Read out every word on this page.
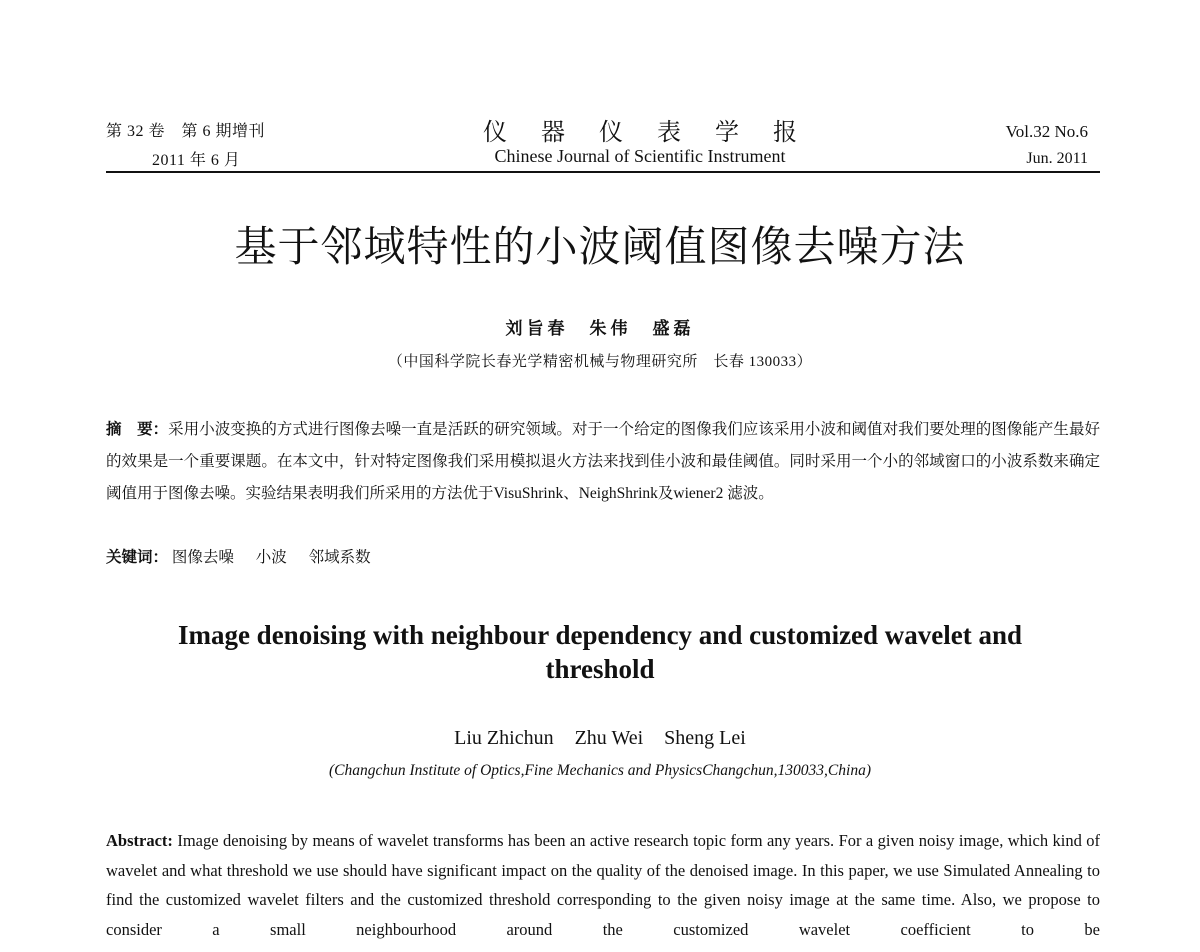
第 32 卷　第 6 期增刊
2011 年 6 月
仪器仪表学报
Chinese Journal of Scientific Instrument
Vol.32 No.6
Jun. 2011
基于邻域特性的小波阈值图像去噪方法
刘旨春　朱伟　盛磊
（中国科学院长春光学精密机械与物理研究所　长春 130033）
摘　要：采用小波变换的方式进行图像去噪一直是活跃的研究领域。对于一个给定的图像我们应该采用小波和阈值对我们要处理的图像能产生最好的效果是一个重要课题。在本文中，针对特定图像我们采用模拟退火方法来找到佳小波和最佳阈值。同时采用一个小的邻域窗口的小波系数来确定阈值用于图像去噪。实验结果表明我们所采用的方法优于VisuShrink、NeighShrink及wiener2 滤波。
关键词： 图像去噪 小波 邻域系数
Image denoising with neighbour dependency and customized wavelet and threshold
Liu Zhichun Zhu Wei Sheng Lei
(Changchun Institute of Optics,Fine Mechanics and PhysicsChangchun,130033,China)
Abstract: Image denoising by means of wavelet transforms has been an active research topic form any years. For a given noisy image, which kind of wavelet and what threshold we use should have significant impact on the quality of the denoised image. In this paper, we use Simulated Annealing to find the customized wavelet filters and the customized threshold corresponding to the given noisy image at the same time. Also, we propose to consider a small neighbourhood around the customized wavelet coefficient to be
